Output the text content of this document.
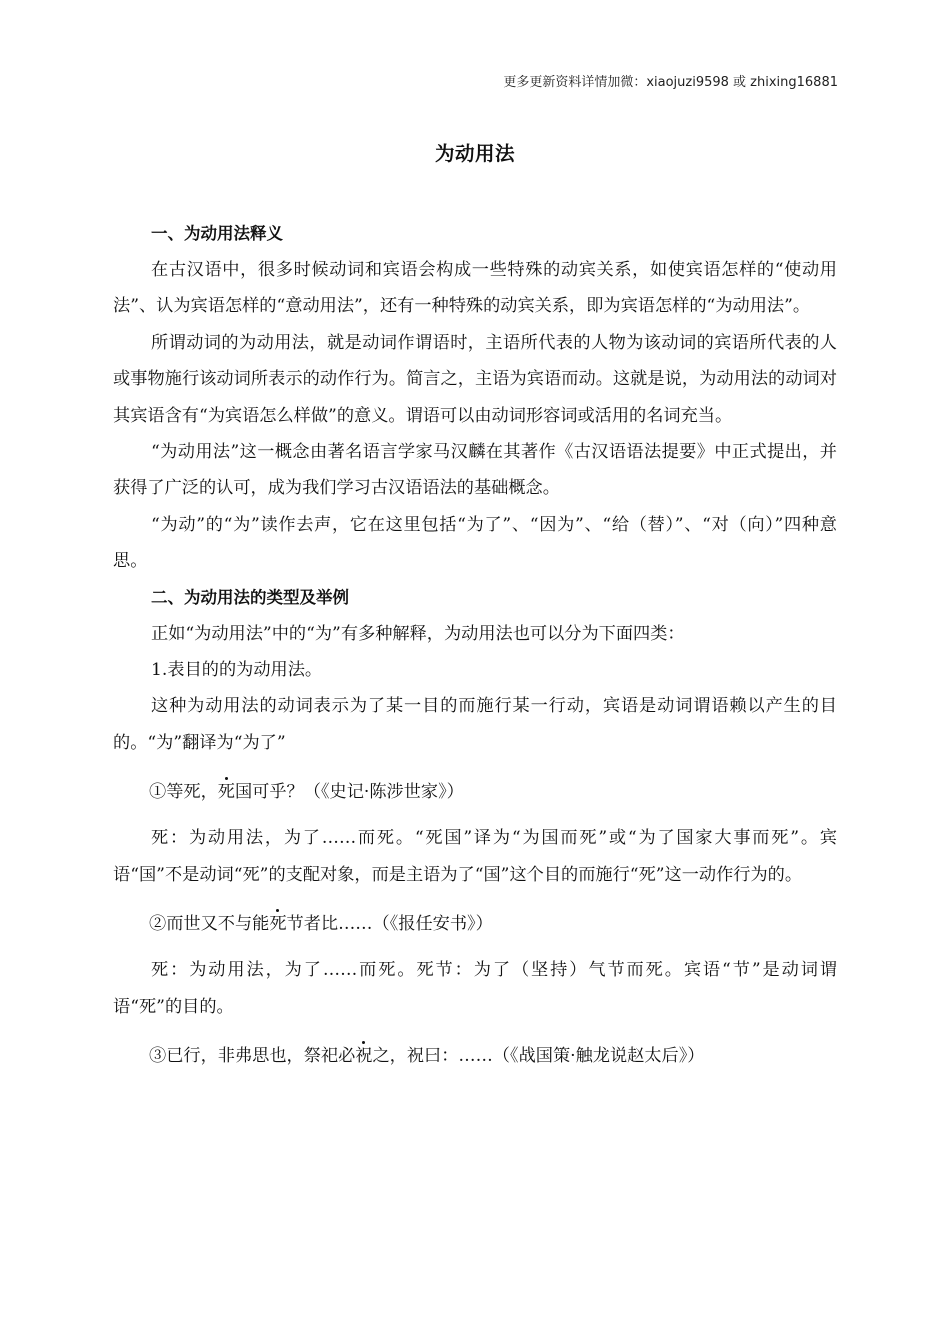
更多更新资料详情加微：xiaojuzi9598 或 zhixing16881
为动用法

一、为动用法释义

在古汉语中，很多时候动词和宾语会构成一些特殊的动宾关系，如使宾语怎样的“使动用法”、认为宾语怎样的“意动用法”，还有一种特殊的动宾关系，即为宾语怎样的“为动用法”。

所谓动词的为动用法，就是动词作谓语时，主语所代表的人物为该动词的宾语所代表的人或事物施行该动词所表示的动作行为。简言之，主语为宾语而动。这就是说，为动用法的动词对其宾语含有“为宾语怎么样做”的意义。谓语可以由动词形容词或活用的名词充当。

“为动用法”这一概念由著名语言学家马汉麟在其著作《古汉语语法提要》中正式提出，并获得了广泛的认可，成为我们学习古汉语语法的基础概念。

“为动”的“为”读作去声，它在这里包括“为了”、“因为”、“给（替）”、“对（向）”四种意思。

二、为动用法的类型及举例

正如“为动用法”中的“为”有多种解释，为动用法也可以分为下面四类：

1.表目的的为动用法。

这种为动用法的动词表示为了某一目的而施行某一行动，宾语是动词谓语赖以产生的目的。“为”翻译为“为了”

①等死，死国可乎？（《史记·陈涉世家》）

死：为动用法，为了……而死。“死国”译为“为国而死”或“为了国家大事而死”。宾语“国”不是动词“死”的支配对象，而是主语为了“国”这个目的而施行“死”这一动作行为的。

②而世又不与能死节者比……（《报任安书》）

死：为动用法，为了……而死。死节：为了（坚持）气节而死。宾语“节”是动词谓语“死”的目的。

③已行，非弗思也，祭祀必祝之，祝曰：……（《战国策·触龙说赵太后》）
